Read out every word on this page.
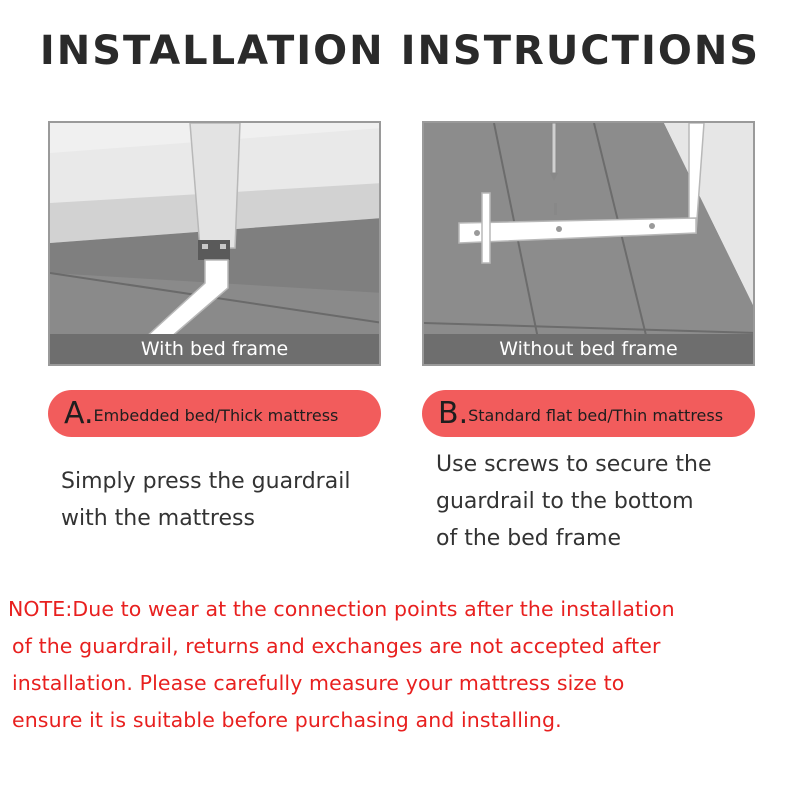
INSTALLATION INSTRUCTIONS
With bed frame	Without bed frame
A.Embedded bed/Thick mattress	B.Standard flat bed/Thin mattress
Simply press the guardrail
with the mattress
Use screws to secure the
guardrail to the bottom
of the bed frame
NOTE:Due to wear at the connection points after the installation
of the guardrail, returns and exchanges are not accepted after
installation. Please carefully measure your mattress size to
ensure it is suitable before purchasing and installing.
